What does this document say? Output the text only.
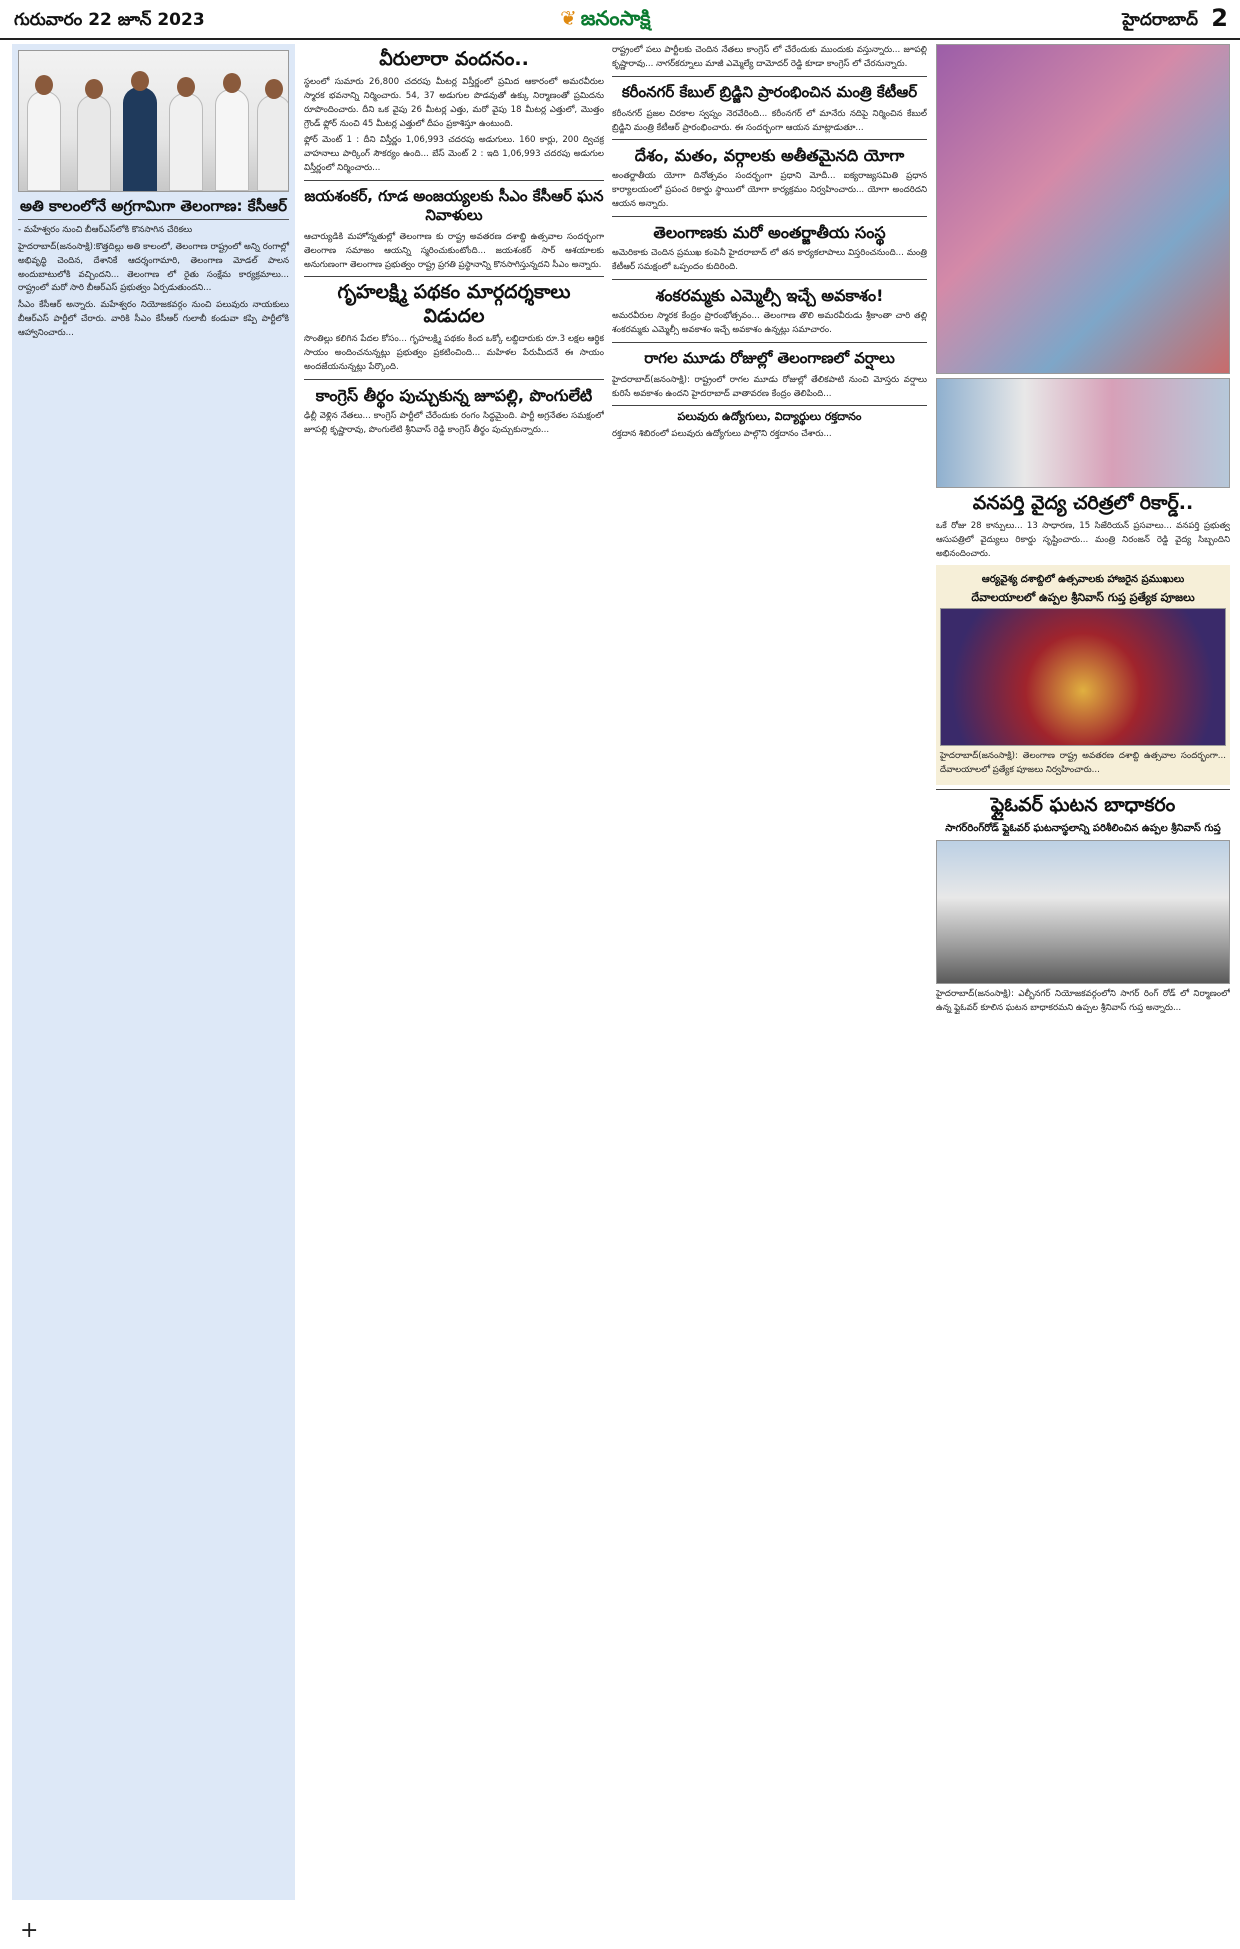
గురువారం 22 జూన్ 2023	❦ జనంసాక్షి	హైదరాబాద్ 2
అతి కాలంలోనే అగ్రగామిగా తెలంగాణ: కేసీఆర్

- మహేశ్వరం నుంచి బీఆర్‌ఎస్‌లోకి కొనసాగిన చేరికలు

హైదరాబాద్(జనంసాక్షి):కొత్తదిల్లు అతి కాలంలో, తెలంగాణ రాష్ట్రంలో అన్ని రంగాల్లో అభివృద్ధి చెందిన, దేశానికే ఆదర్శంగామారి, తెలంగాణ మోడల్ పాలన అందుబాటులోకి వచ్చిందని... తెలంగాణ లో రైతు సంక్షేమ కార్యక్రమాలు... రాష్ట్రంలో మరో సారి బీఆర్‌ఎస్ ప్రభుత్వం ఏర్పడుతుందని...

సీఎం కేసీఆర్ అన్నారు. మహేశ్వరం నియోజకవర్గం నుంచి పలువురు నాయకులు బీఆర్‌ఎస్ పార్టీలో చేరారు. వారికి సీఎం కేసీఆర్ గులాబీ కండువా కప్పి పార్టీలోకి ఆహ్వానించారు...

వీరులారా వందనం..

స్థలంలో సుమారు 26,800 చదరపు మీటర్ల విస్తీర్ణంలో ప్రమిద ఆకారంలో అమరవీరుల స్మారక భవనాన్ని నిర్మించారు. 54, 37 అడుగుల పొడవుతో ఉక్కు నిర్మాణంతో ప్రమిదను రూపొందించారు. దీని ఒక వైపు 26 మీటర్ల ఎత్తు, మరో వైపు 18 మీటర్ల ఎత్తులో, మొత్తం గ్రౌండ్ ఫ్లోర్ నుంచి 45 మీటర్ల ఎత్తులో దీపం ప్రకాశిస్తూ ఉంటుంది.

ఫ్లోర్ మెంట్ 1 : దీని విస్తీర్ణం 1,06,993 చదరపు అడుగులు. 160 కార్లు, 200 ద్విచక్ర వాహనాలు పార్కింగ్ సౌకర్యం ఉంది... బేస్ మెంట్ 2 : ఇది 1,06,993 చదరపు అడుగుల విస్తీర్ణంలో నిర్మించారు...

జయశంకర్‌, గూడ అంజయ్యలకు సీఎం కేసీఆర్‌ ఘన నివాళులు

ఆచార్యుడికి మహోన్నతుల్లో తెలంగాణ కు రాష్ట్ర అవతరణ దశాబ్ది ఉత్సవాల సందర్భంగా తెలంగాణ సమాజం ఆయన్ని స్మరించుకుంటోంది... జయశంకర్ సార్ ఆశయాలకు అనుగుణంగా తెలంగాణ ప్రభుత్వం రాష్ట్ర ప్రగతి ప్రస్థానాన్ని కొనసాగిస్తున్నదని సీఎం అన్నారు.

గృహలక్ష్మి పథకం మార్గదర్శకాలు విడుదల

సొంతిల్లు కలిగిన పేదల కోసం... గృహలక్ష్మి పథకం కింద ఒక్కో లబ్దిదారుకు రూ.3 లక్షల ఆర్థిక సాయం అందించనున్నట్లు ప్రభుత్వం ప్రకటించింది... మహిళల పేరుమీదనే ఈ సాయం అందజేయనున్నట్లు పేర్కొంది.

కాంగ్రెస్‌ తీర్థం పుచ్చుకున్న జూపల్లి, పొంగులేటి

ఢిల్లీ వెళ్లిన నేతలు... కాంగ్రెస్ పార్టీలో చేరేందుకు రంగం సిద్ధమైంది. పార్టీ అగ్రనేతల సమక్షంలో జూపల్లి కృష్ణారావు, పొంగులేటి శ్రీనివాస్ రెడ్డి కాంగ్రెస్ తీర్థం పుచ్చుకున్నారు...

రాష్ట్రంలో పలు పార్టీలకు చెందిన నేతలు కాంగ్రెస్ లో చేరేందుకు ముందుకు వస్తున్నారు... జూపల్లి కృష్ణారావు... నాగర్‌కర్నూలు మాజీ ఎమ్మెల్యే దామోదర్ రెడ్డి కూడా కాంగ్రెస్ లో చేరనున్నారు.

కరీంనగర్‌ కేబుల్‌ బ్రిడ్జిని ప్రారంభించిన మంత్రి కేటీఆర్‌

కరీంనగర్ ప్రజల చిరకాల స్వప్నం నెరవేరింది... కరీంనగర్ లో మానేరు నదిపై నిర్మించిన కేబుల్ బ్రిడ్జిని మంత్రి కేటీఆర్ ప్రారంభించారు. ఈ సందర్భంగా ఆయన మాట్లాడుతూ...

దేశం, మతం, వర్గాలకు అతీతమైనది యోగా

అంతర్జాతీయ యోగా దినోత్సవం సందర్భంగా ప్రధాని మోదీ... ఐక్యరాజ్యసమితి ప్రధాన కార్యాలయంలో ప్రపంచ రికార్డు స్థాయిలో యోగా కార్యక్రమం నిర్వహించారు... యోగా అందరిదని ఆయన అన్నారు.

తెలంగాణకు మరో అంతర్జాతీయ సంస్థ

అమెరికాకు చెందిన ప్రముఖ కంపెనీ హైదరాబాద్ లో తన కార్యకలాపాలు విస్తరించనుంది... మంత్రి కేటీఆర్ సమక్షంలో ఒప్పందం కుదిరింది.

శంకరమ్మకు ఎమ్మెల్సీ ఇచ్చే అవకాశం!

అమరవీరుల స్మారక కేంద్రం ప్రారంభోత్సవం... తెలంగాణ తొలి అమరవీరుడు శ్రీకాంతా చారి తల్లి శంకరమ్మకు ఎమ్మెల్సీ అవకాశం ఇచ్చే అవకాశం ఉన్నట్లు సమాచారం.

రాగల మూడు రోజుల్లో తెలంగాణలో వర్షాలు

హైదరాబాద్(జనంసాక్షి): రాష్ట్రంలో రాగల మూడు రోజుల్లో తేలికపాటి నుంచి మోస్తరు వర్షాలు కురిసే అవకాశం ఉందని హైదరాబాద్ వాతావరణ కేంద్రం తెలిపింది...

పలువురు ఉద్యోగులు, విద్యార్థులు రక్తదానం

రక్తదాన శిబిరంలో పలువురు ఉద్యోగులు పాల్గొని రక్తదానం చేశారు...

వనపర్తి వైద్య చరిత్రలో రికార్డ్‌..

ఒకే రోజు 28 కాన్పులు... 13 సాధారణ, 15 సిజేరియన్ ప్రసవాలు... వనపర్తి ప్రభుత్వ ఆసుపత్రిలో వైద్యులు రికార్డు సృష్టించారు... మంత్రి నిరంజన్ రెడ్డి వైద్య సిబ్బందిని అభినందించారు.

ఆర్యవైశ్య దశాబ్దిలో ఉత్సవాలకు హాజరైన ప్రముఖులు
దేవాలయాలలో ఉప్పల శ్రీనివాస్‌ గుప్త ప్రత్యేక పూజలు

హైదరాబాద్(జనంసాక్షి): తెలంగాణ రాష్ట్ర అవతరణ దశాబ్ది ఉత్సవాల సందర్భంగా... దేవాలయాలలో ప్రత్యేక పూజలు నిర్వహించారు...

ఫ్లైఓవర్‌ ఘటన బాధాకరం
సాగర్‌రింగ్‌రోడ్ ఫ్లైఓవర్ ఘటనాస్థలాన్ని పరిశీలించిన ఉప్పల శ్రీనివాస్ గుప్త

హైదరాబాద్(జనంసాక్షి): ఎల్బీనగర్ నియోజకవర్గంలోని సాగర్ రింగ్ రోడ్ లో నిర్మాణంలో ఉన్న ఫ్లైఓవర్ కూలిన ఘటన బాధాకరమని ఉప్పల శ్రీనివాస్ గుప్త అన్నారు...

+
